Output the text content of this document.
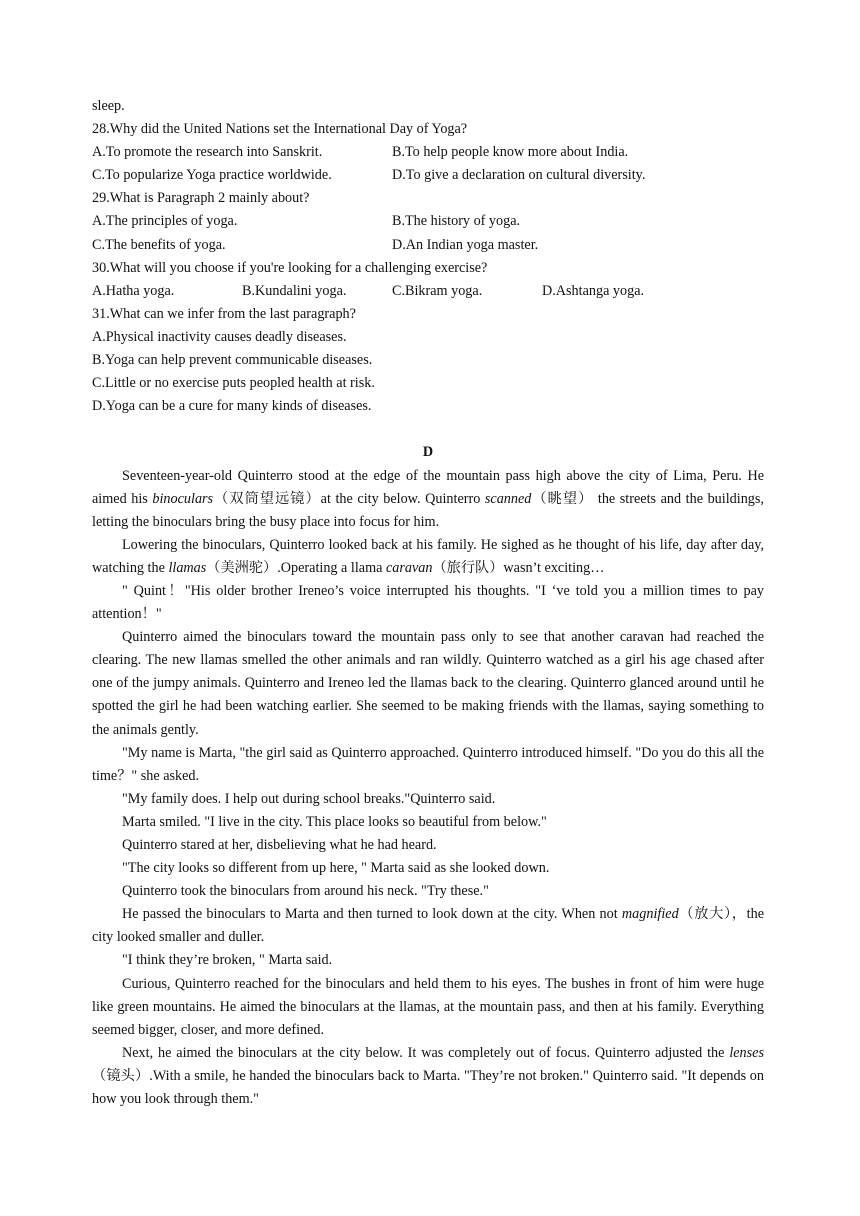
sleep.
28.Why did the United Nations set the International Day of Yoga?
A.To promote the research into Sanskrit.	B.To help people know more about India.
C.To popularize Yoga practice worldwide.	D.To give a declaration on cultural diversity.
29.What is Paragraph 2 mainly about?
A.The principles of yoga.	B.The history of yoga.
C.The benefits of yoga.	D.An Indian yoga master.
30.What will you choose if you're looking for a challenging exercise?
A.Hatha yoga.	B.Kundalini yoga.	C.Bikram yoga.	D.Ashtanga yoga.
31.What can we infer from the last paragraph?
A.Physical inactivity causes deadly diseases.
B.Yoga can help prevent communicable diseases.
C.Little or no exercise puts peopled health at risk.
D.Yoga can be a cure for many kinds of diseases.
D

Seventeen-year-old Quinterro stood at the edge of the mountain pass high above the city of Lima, Peru. He aimed his binoculars（双筒望远镜）at the city below. Quinterro scanned（眺望） the streets and the buildings, letting the binoculars bring the busy place into focus for him.

Lowering the binoculars, Quinterro looked back at his family. He sighed as he thought of his life, day after day, watching the llamas（美洲驼）.Operating a llama caravan（旅行队）wasn’t exciting…

" Quint！"His older brother Ireneo’s voice interrupted his thoughts. "I ‘ve told you a million times to pay attention！"

Quinterro aimed the binoculars toward the mountain pass only to see that another caravan had reached the clearing. The new llamas smelled the other animals and ran wildly. Quinterro watched as a girl his age chased after one of the jumpy animals. Quinterro and Ireneo led the llamas back to the clearing. Quinterro glanced around until he spotted the girl he had been watching earlier. She seemed to be making friends with the llamas, saying something to the animals gently.

"My name is Marta, "the girl said as Quinterro approached. Quinterro introduced himself. "Do you do this all the time？" she asked.

"My family does. I help out during school breaks."Quinterro said.

Marta smiled. "I live in the city. This place looks so beautiful from below."

Quinterro stared at her, disbelieving what he had heard.

"The city looks so different from up here, " Marta said as she looked down.

Quinterro took the binoculars from around his neck. "Try these."

He passed the binoculars to Marta and then turned to look down at the city. When not magnified（放大），the city looked smaller and duller.

"I think they’re broken, " Marta said.

Curious, Quinterro reached for the binoculars and held them to his eyes. The bushes in front of him were huge like green mountains. He aimed the binoculars at the llamas, at the mountain pass, and then at his family. Everything seemed bigger, closer, and more defined.

Next, he aimed the binoculars at the city below. It was completely out of focus. Quinterro adjusted the lenses（镜头）.With a smile, he handed the binoculars back to Marta. "They’re not broken." Quinterro said. "It depends on how you look through them."
